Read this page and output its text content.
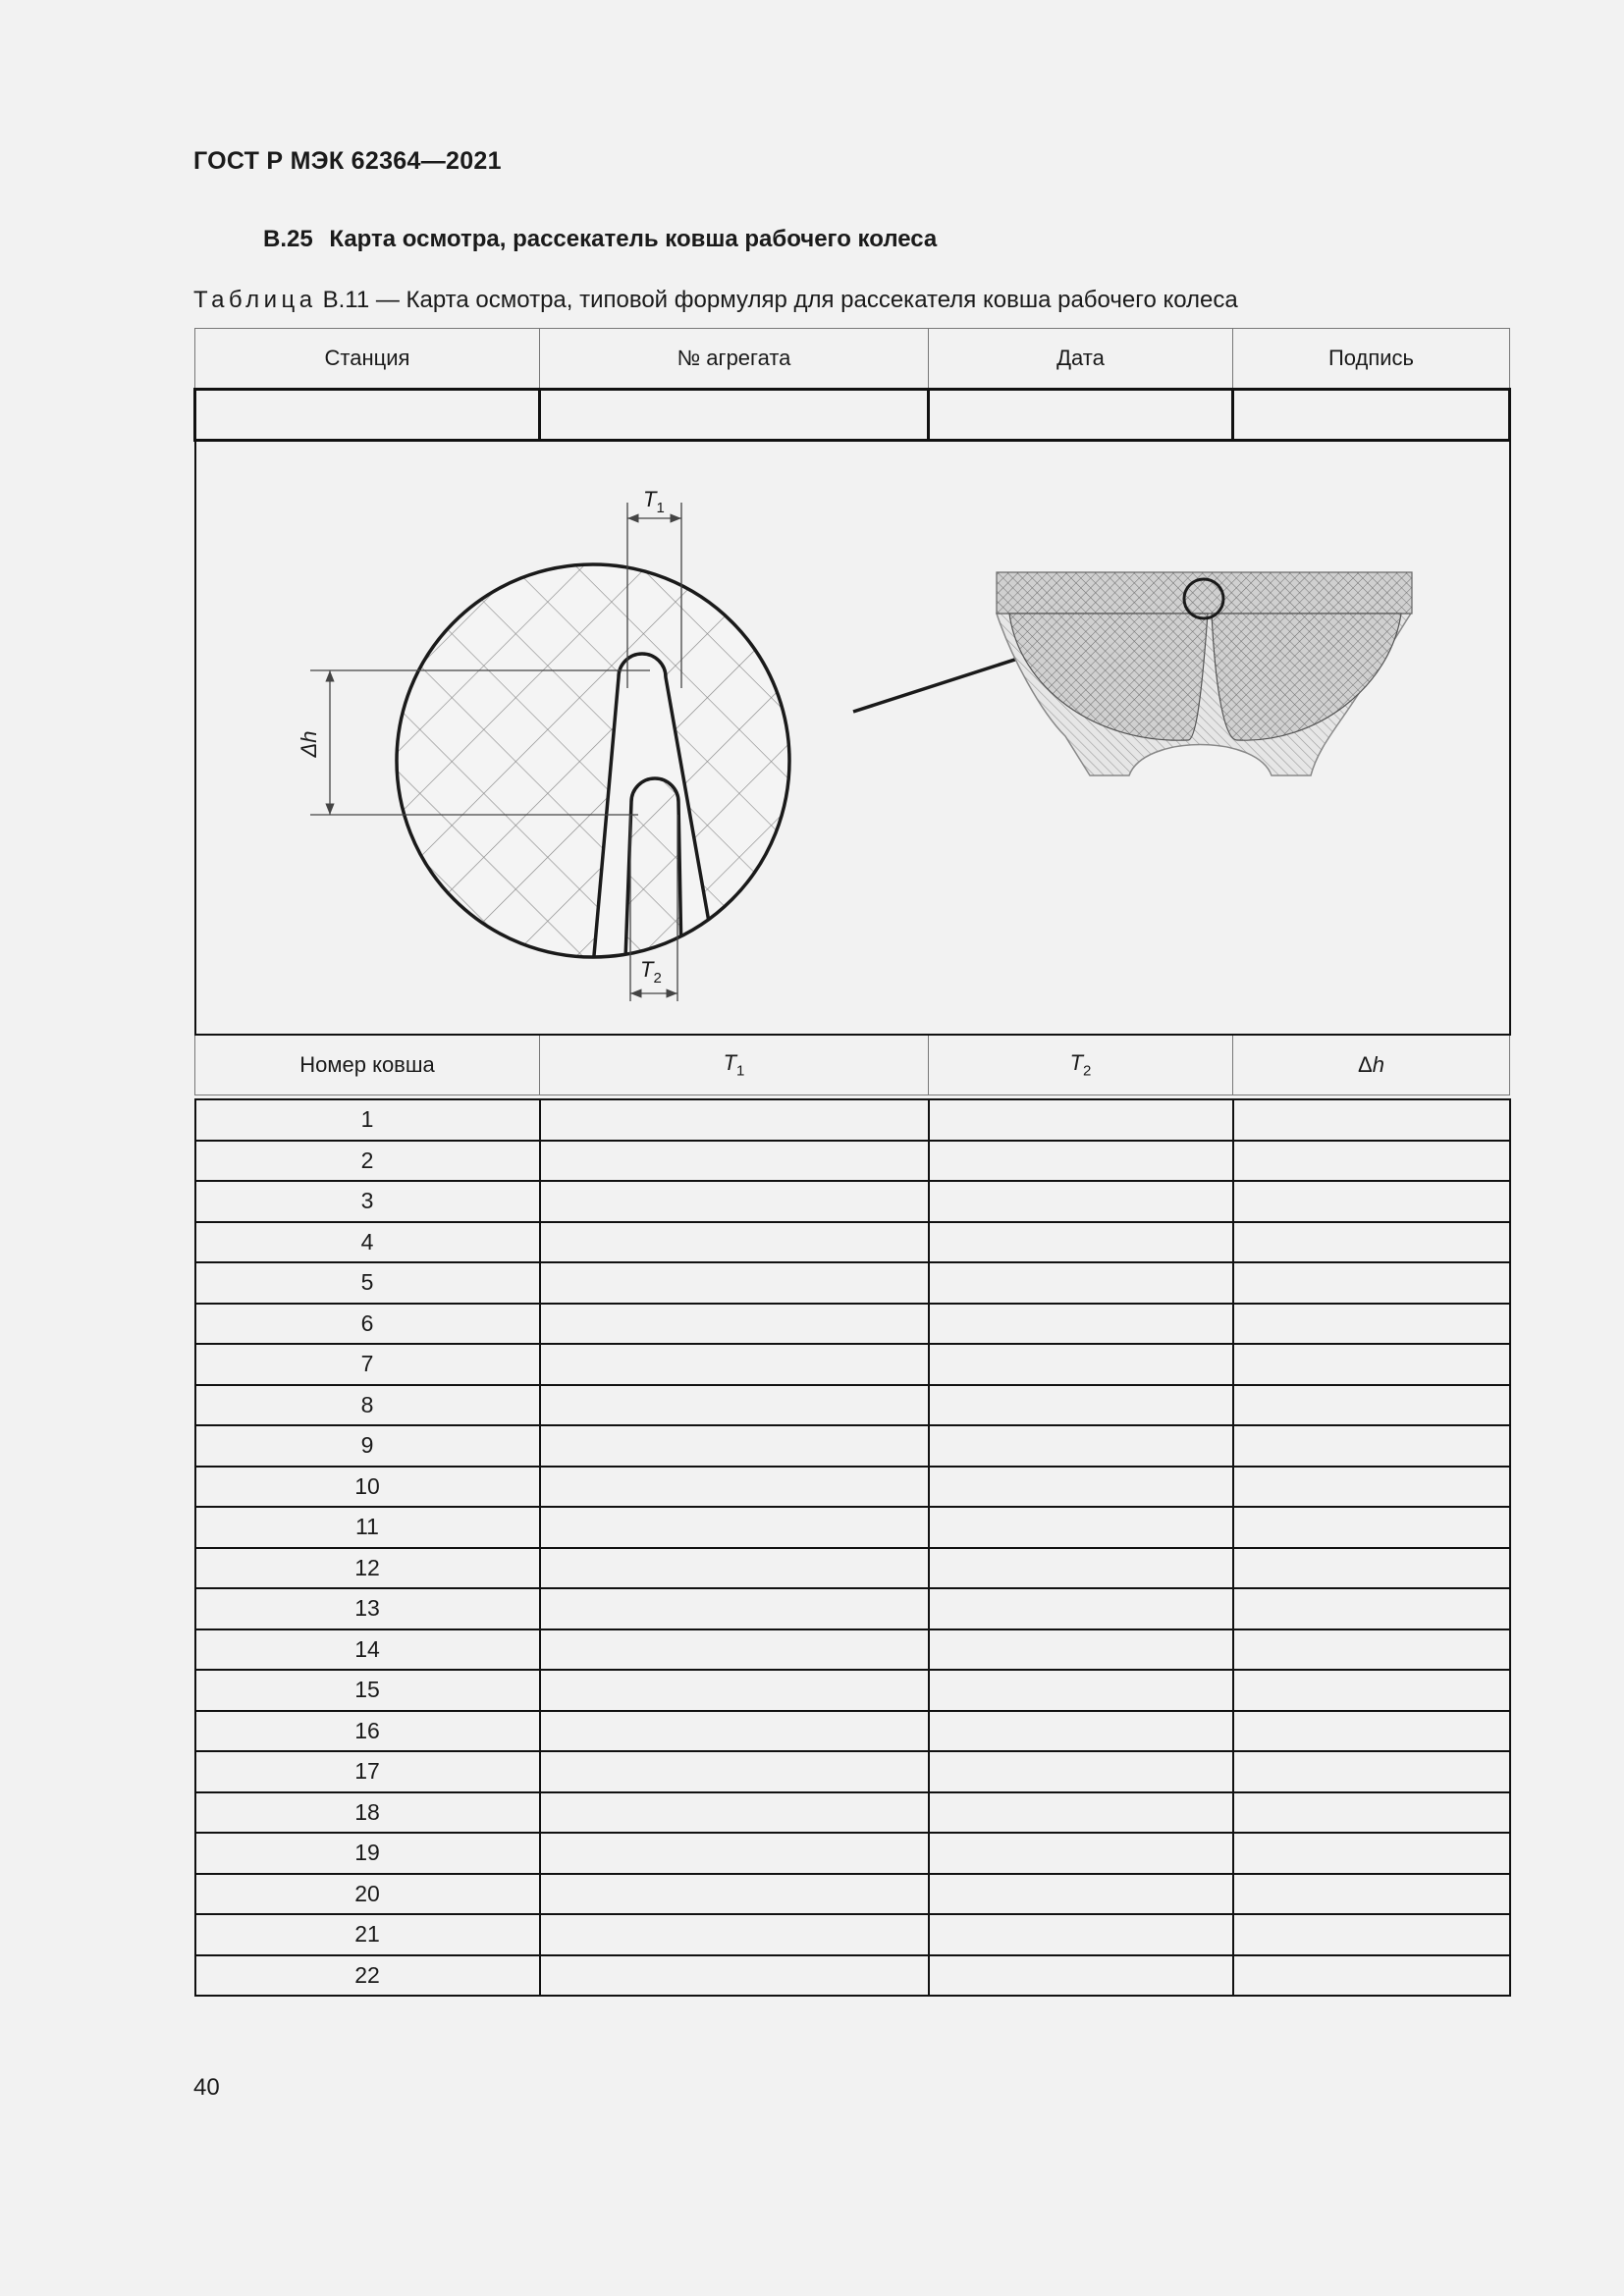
ГОСТ Р МЭК 62364—2021
B.25 Карта осмотра, рассекатель ковша рабочего колеса
Таблица B.11 — Карта осмотра, типовой формуляр для рассекателя ковша рабочего колеса
Станция	№ агрегата	Дата	Подпись

$T_1$
$T_2$
Δh			

Номер ковша	$T_1$	$T_2$	Δh

1			
2			
3			
4			
5			
6			
7			
8			
9			
10			
11			
12			
13			
14			
15			
16			
17			
18			
19			
20			
21			
22			
40
